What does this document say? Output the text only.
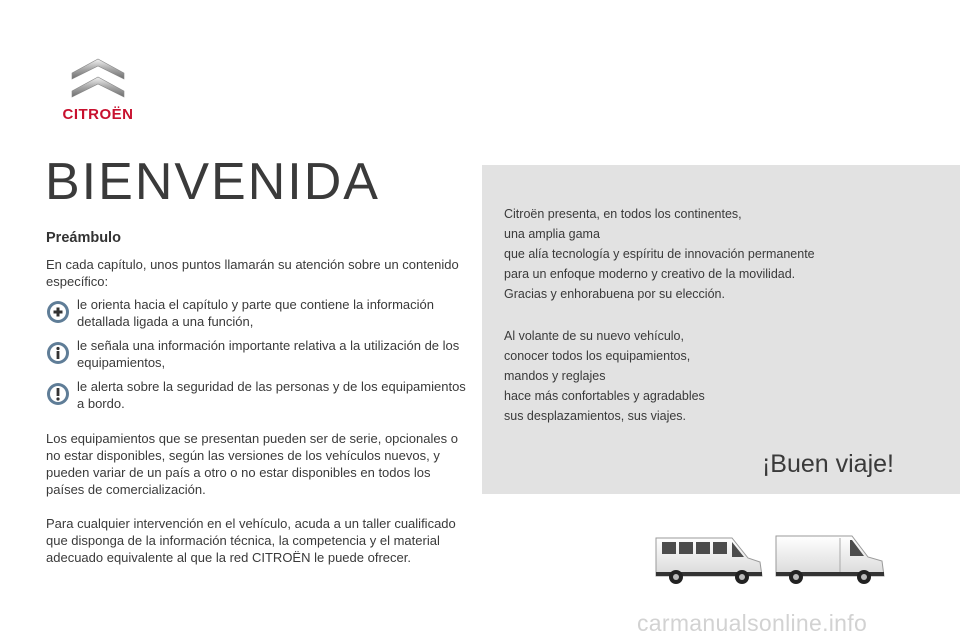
CITROËN
BIENVENIDA
Preámbulo

En cada capítulo, unos puntos llamarán su atención sobre un contenido específico:

le orienta hacia el capítulo y parte que contiene la información detallada ligada a una función,
le señala una información importante relativa a la utilización de los equipamientos,
le alerta sobre la seguridad de las personas y de los equipamientos a bordo.

Los equipamientos que se presentan pueden ser de serie, opcionales o no estar disponibles, según las versiones de los vehículos nuevos, y pueden variar de un país a otro o no estar disponibles en todos los países de comercialización.

Para cualquier intervención en el vehículo, acuda a un taller cualificado que disponga de la información técnica, la competencia y el material adecuado equivalente al que la red CITROËN le puede ofrecer.

Citroën presenta, en todos los continentes,
una amplia gama
que alía tecnología y espíritu de innovación permanente
para un enfoque moderno y creativo de la movilidad.
Gracias y enhorabuena por su elección.
Al volante de su nuevo vehículo,
conocer todos los equipamientos,
mandos y reglajes
hace más confortables y agradables
sus desplazamientos, sus viajes.
¡Buen viaje!
carmanualsonline.info
